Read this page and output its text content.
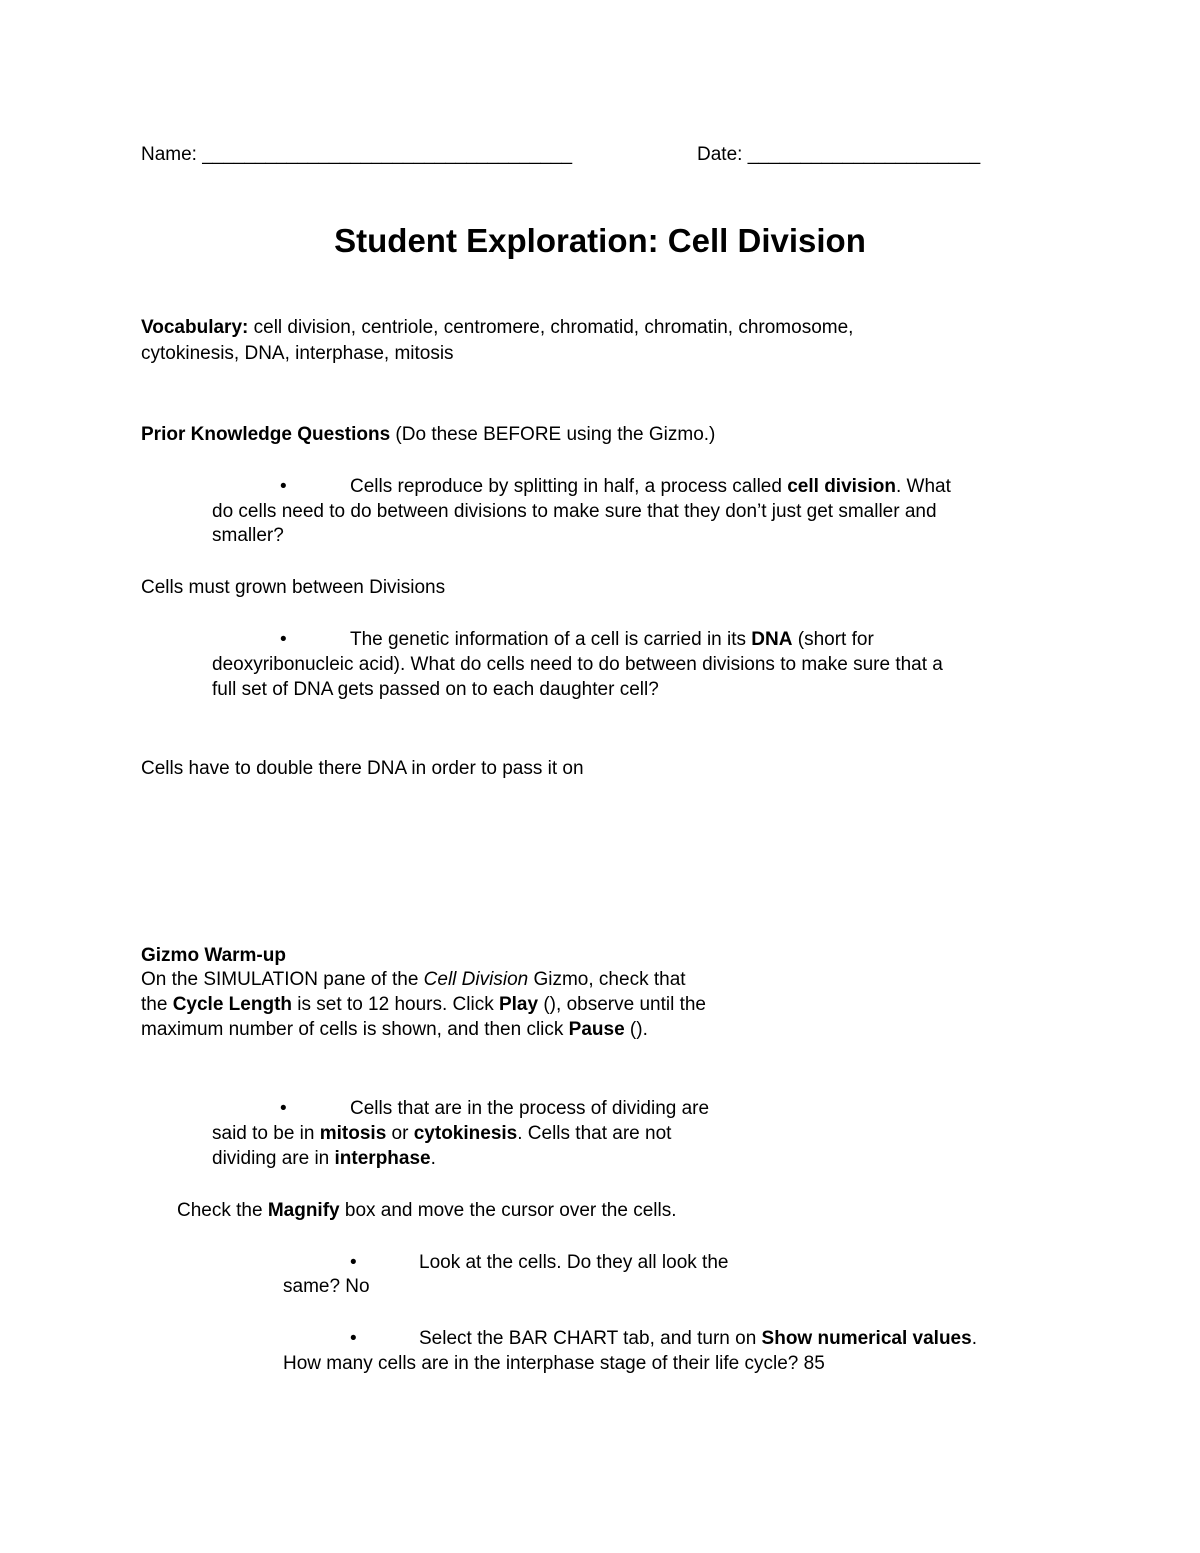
Name: ___________________________________	Date: ______________________
Student Exploration: Cell Division
Vocabulary: cell division, centriole, centromere, chromatid, chromatin, chromosome,
cytokinesis, DNA, interphase, mitosis
Prior Knowledge Questions (Do these BEFORE using the Gizmo.)
•	Cells reproduce by splitting in half, a process called cell division. What
do cells need to do between divisions to make sure that they don’t just get smaller and
smaller?
Cells must grown between Divisions
•	The genetic information of a cell is carried in its DNA (short for
deoxyribonucleic acid). What do cells need to do between divisions to make sure that a
full set of DNA gets passed on to each daughter cell?
Cells have to double there DNA in order to pass it on
Gizmo Warm-up
On the SIMULATION pane of the Cell Division Gizmo, check that
the Cycle Length is set to 12 hours. Click Play (), observe until the
maximum number of cells is shown, and then click Pause ().
•	Cells that are in the process of dividing are
said to be in mitosis or cytokinesis. Cells that are not
dividing are in interphase.
Check the Magnify box and move the cursor over the cells.
•	Look at the cells. Do they all look the
same? No
•	Select the BAR CHART tab, and turn on Show numerical values.
How many cells are in the interphase stage of their life cycle? 85
